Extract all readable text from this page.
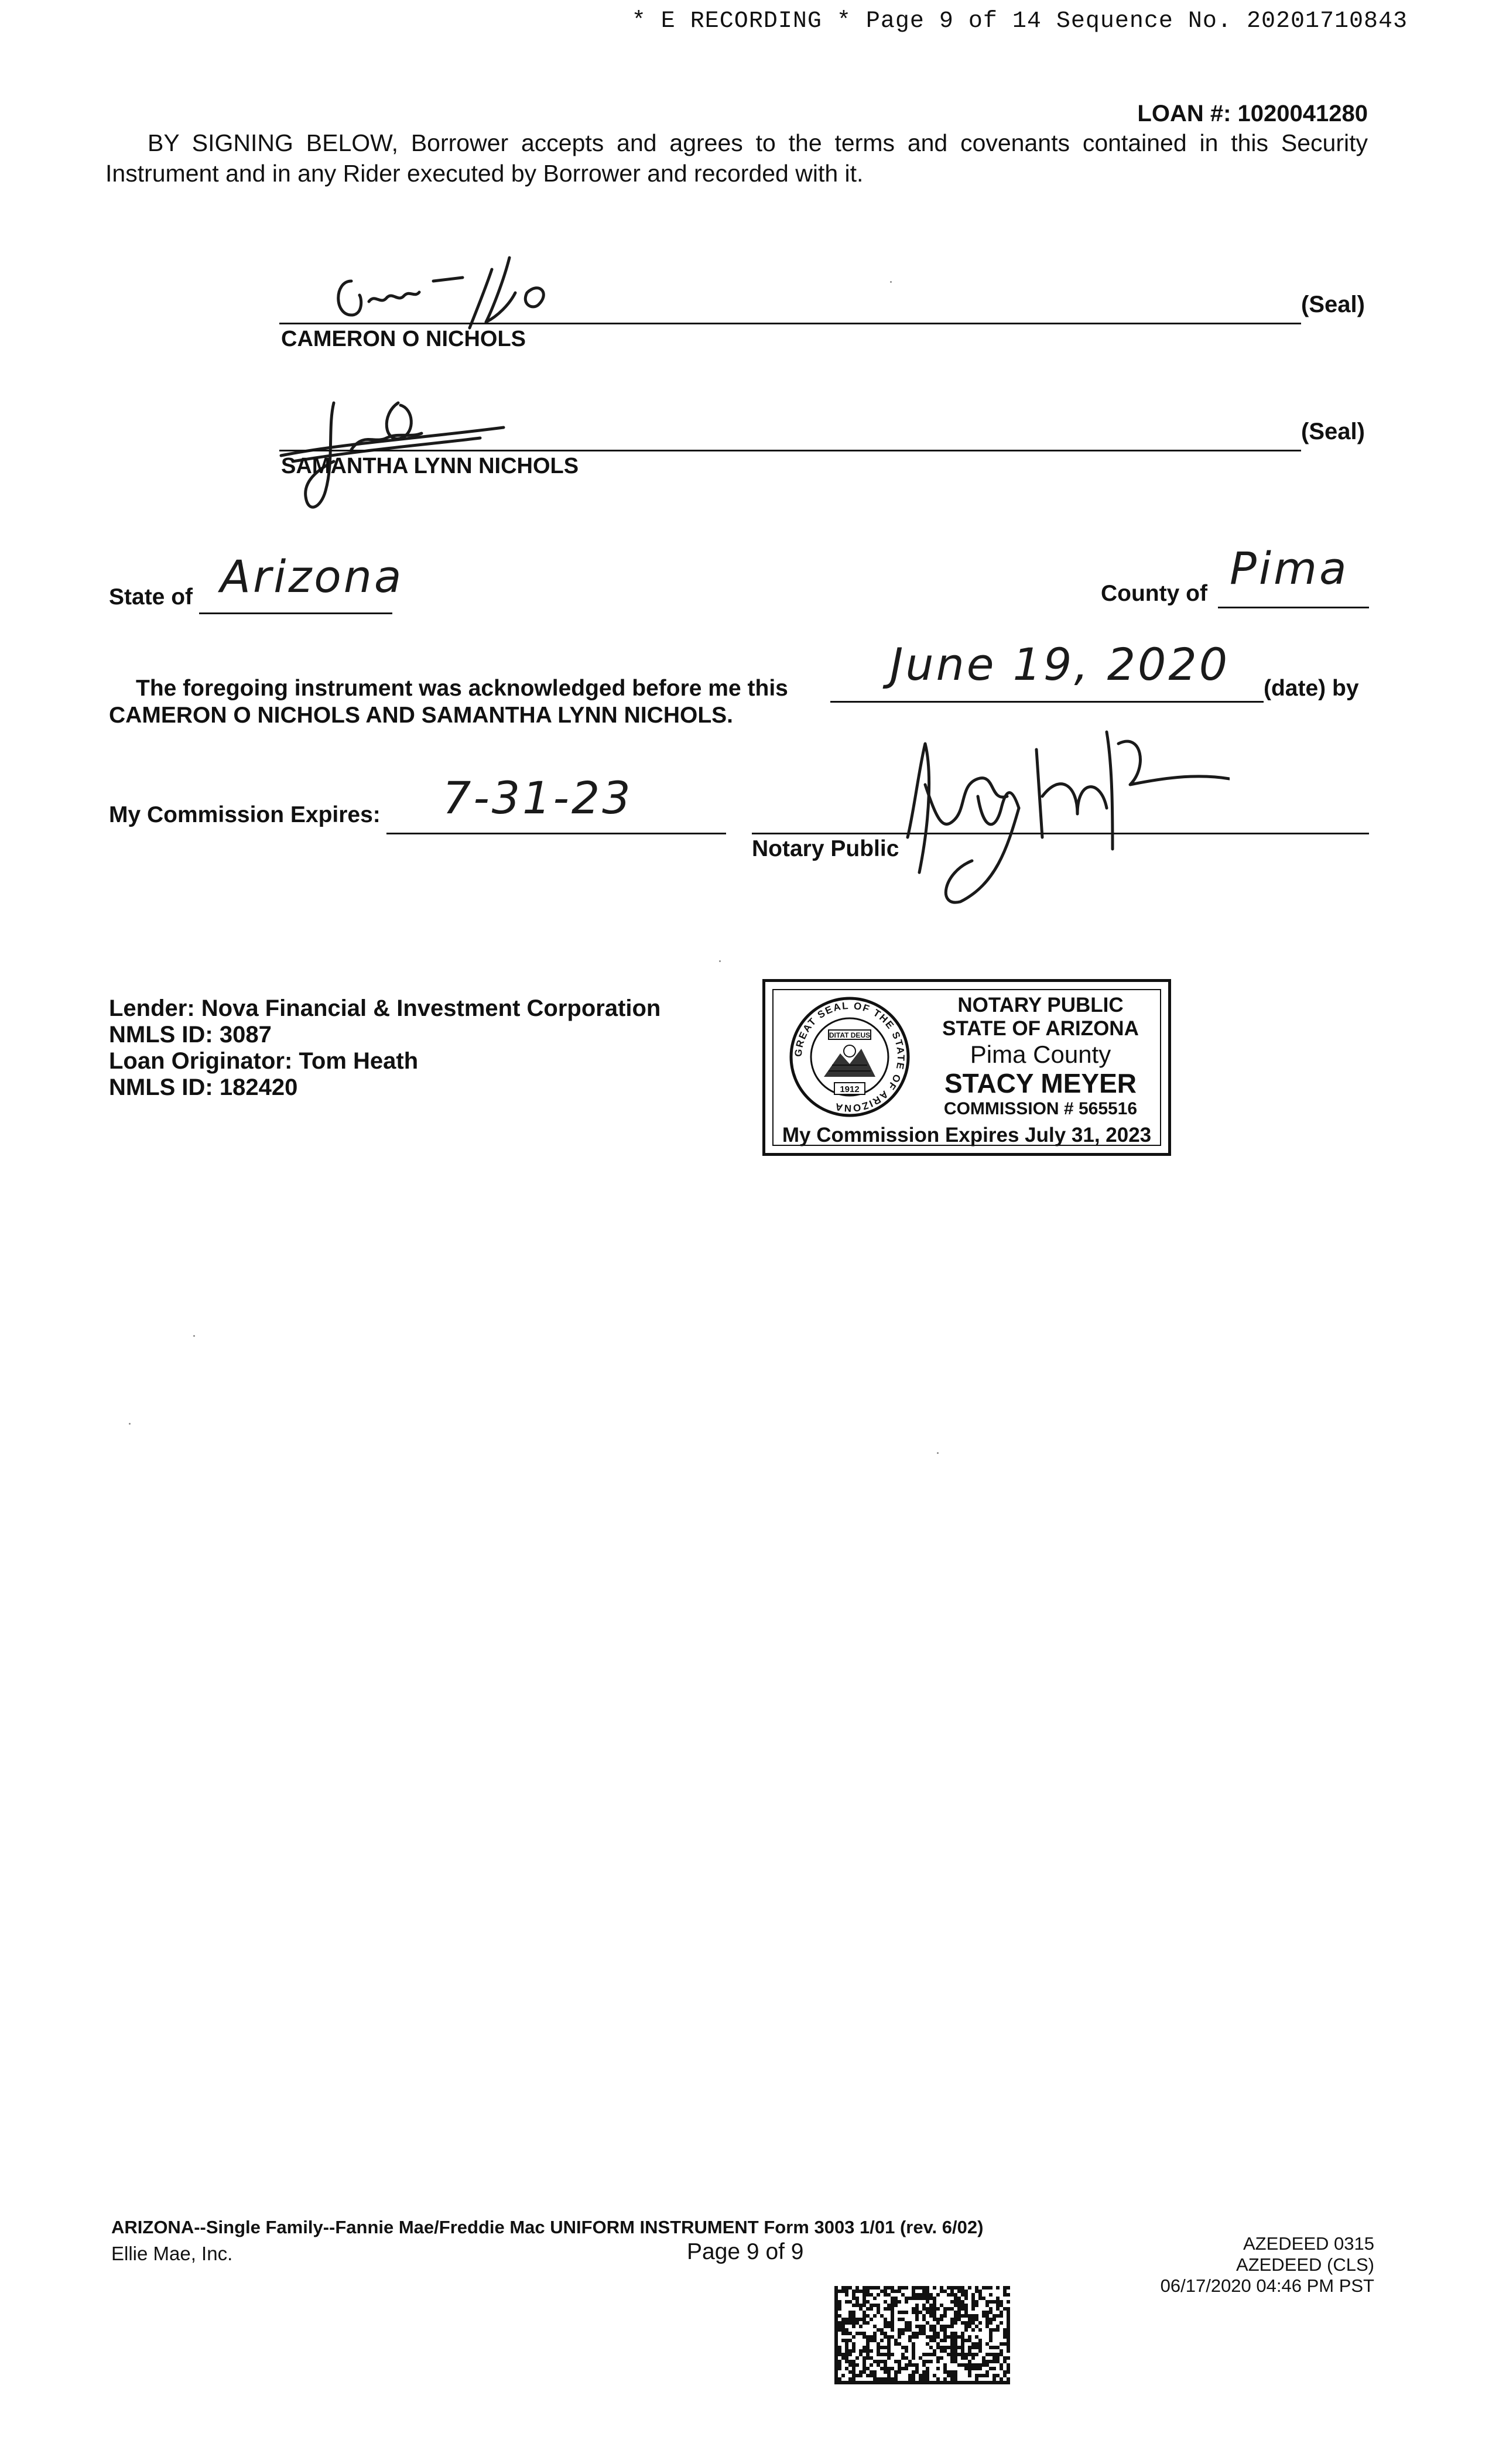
* E RECORDING * Page 9 of 14 Sequence No. 20201710843
LOAN #: 1020041280
BY SIGNING BELOW, Borrower accepts and agrees to the terms and covenants contained in this Security Instrument and in any Rider executed by Borrower and recorded with it.
(Seal)
CAMERON O NICHOLS
(Seal)
SAMANTHA LYNN NICHOLS
State of Arizona	County of Pima
The foregoing instrument was acknowledged before me this June 19, 2020 (date) by
CAMERON O NICHOLS AND SAMANTHA LYNN NICHOLS.
My Commission Expires: 7-31-23
Notary Public
Lender: Nova Financial & Investment Corporation
NMLS ID: 3087
Loan Originator: Tom Heath
NMLS ID: 182420
GREAT SEAL OF THE STATE OF ARIZONA
DITAT DEUS
1912
NOTARY PUBLIC
STATE OF ARIZONA
Pima County
STACY MEYER
COMMISSION # 565516
My Commission Expires July 31, 2023
ARIZONA--Single Family--Fannie Mae/Freddie Mac UNIFORM INSTRUMENT Form 3003 1/01 (rev. 6/02)
Ellie Mae, Inc.	Page 9 of 9	AZEDEED 0315
AZEDEED (CLS)
06/17/2020 04:46 PM PST
